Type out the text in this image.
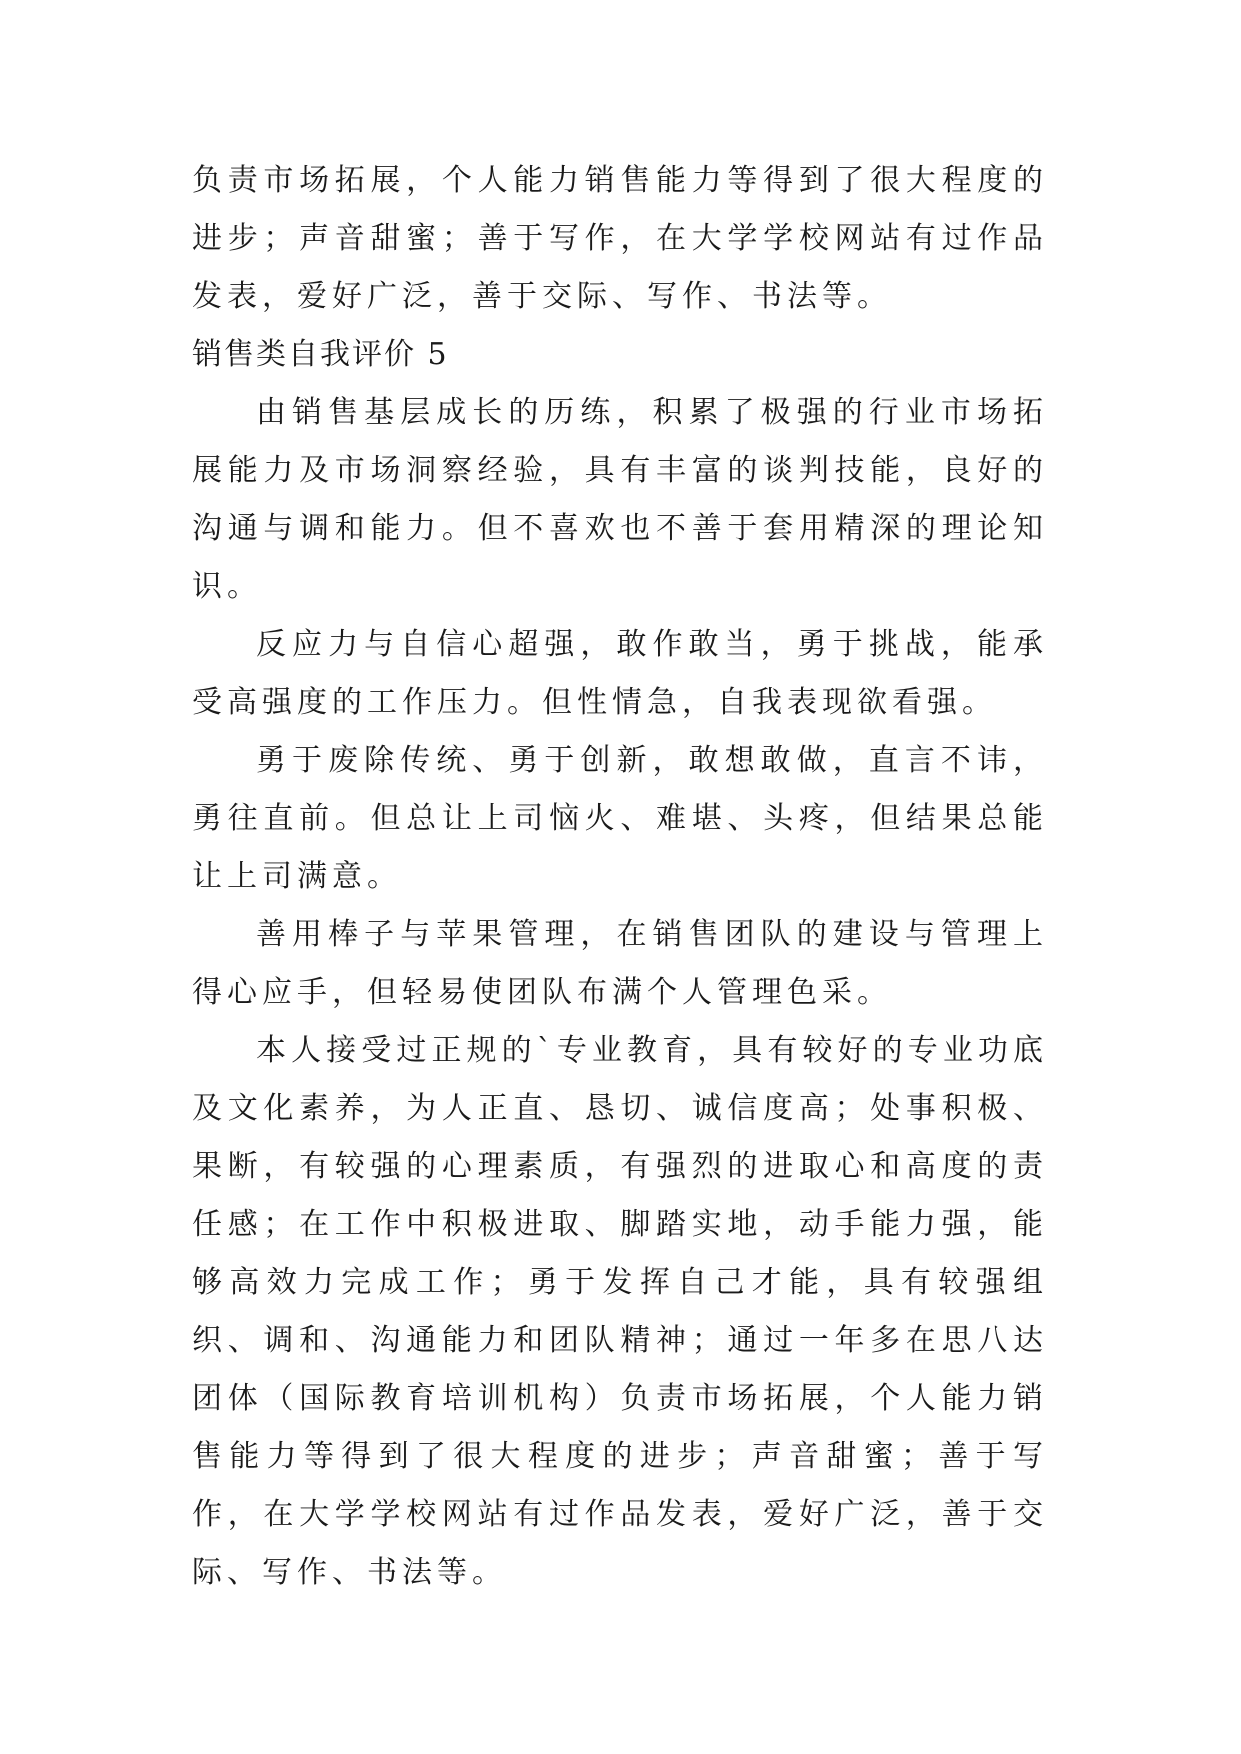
负责市场拓展，个人能力销售能力等得到了很大程度的进步；声音甜蜜；善于写作，在大学学校网站有过作品发表，爱好广泛，善于交际、写作、书法等。

销售类自我评价 5

由销售基层成长的历练，积累了极强的行业市场拓展能力及市场洞察经验，具有丰富的谈判技能，良好的沟通与调和能力。但不喜欢也不善于套用精深的理论知识。

反应力与自信心超强，敢作敢当，勇于挑战，能承受高强度的工作压力。但性情急，自我表现欲看强。

勇于废除传统、勇于创新，敢想敢做，直言不讳，勇往直前。但总让上司恼火、难堪、头疼，但结果总能让上司满意。

善用棒子与苹果管理，在销售团队的建设与管理上得心应手，但轻易使团队布满个人管理色采。

本人接受过正规的`专业教育，具有较好的专业功底及文化素养，为人正直、恳切、诚信度高；处事积极、果断，有较强的心理素质，有强烈的进取心和高度的责任感；在工作中积极进取、脚踏实地，动手能力强，能够高效力完成工作；勇于发挥自己才能，具有较强组织、调和、沟通能力和团队精神；通过一年多在思八达团体（国际教育培训机构）负责市场拓展，个人能力销售能力等得到了很大程度的进步；声音甜蜜；善于写作，在大学学校网站有过作品发表，爱好广泛，善于交际、写作、书法等。
